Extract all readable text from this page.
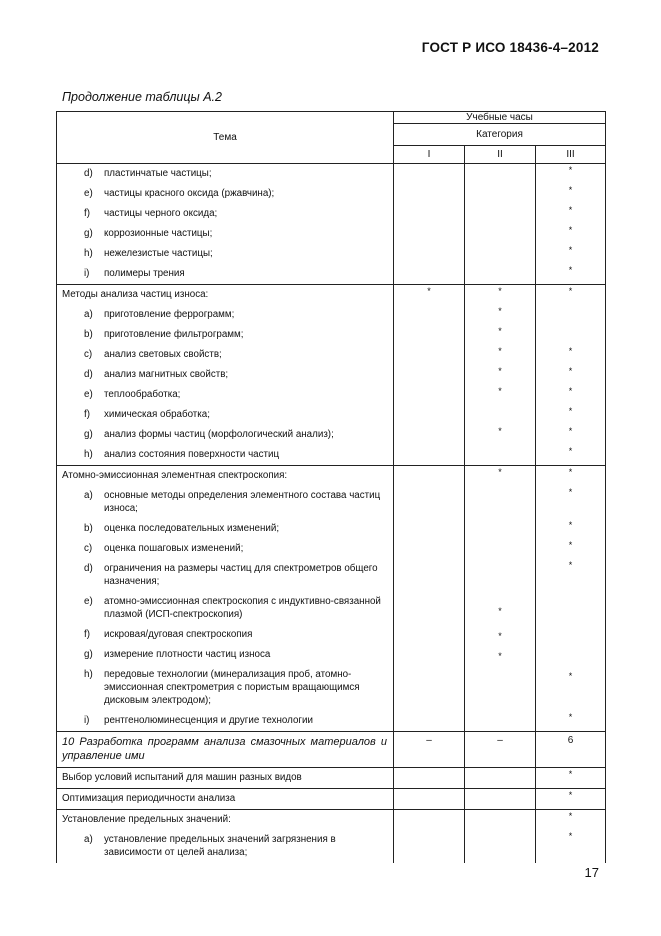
ГОСТ Р ИСО 18436-4–2012
Продолжение таблицы А.2
Тема	Учебные часы		
	Категория		
	I	II	III

d) пластинчатые частицы;			*

e) частицы красного оксида (ржавчина);			*

f) частицы черного оксида;			*

g) коррозионные частицы;			*

h) нежелезистые частицы;			*

i) полимеры трения			*

Методы анализа частиц износа:	*	*	*

a) приготовление феррограмм;		*	

b) приготовление фильтрограмм;		*	

c) анализ световых свойств;		*	*

d) анализ магнитных свойств;		*	*

e) теплообработка;		*	*

f) химическая обработка;			*

g) анализ формы частиц (морфологический анализ);		*	*

h) анализ состояния поверхности частиц			*

Атомно-эмиссионная элементная спектроскопия:		*	*

a) основные методы определения элементного состава частиц износа;			*

b) оценка последовательных изменений;			*

c) оценка пошаговых изменений;			*

d) ограничения на размеры частиц для спектрометров общего назначения;			*

e) атомно-эмиссионная спектроскопия с индуктивно-связанной плазмой (ИСП-спектроскопия)		*	

f) искровая/дуговая спектроскопия		*	

g) измерение плотности частиц износа		*	

h) передовые технологии (минерализация проб, атомно-эмиссионная спектрометрия с пористым вращающимся дисковым электродом);			*

i) рентгенолюминесценция и другие технологии			*

10 Разработка программ анализа смазочных материалов и управление ими	–	–	6

Выбор условий испытаний для машин разных видов			*

Оптимизация периодичности анализа			*

Установление предельных значений:			*

a) установление предельных значений загрязнения в зависимости от целей анализа;			*
17
